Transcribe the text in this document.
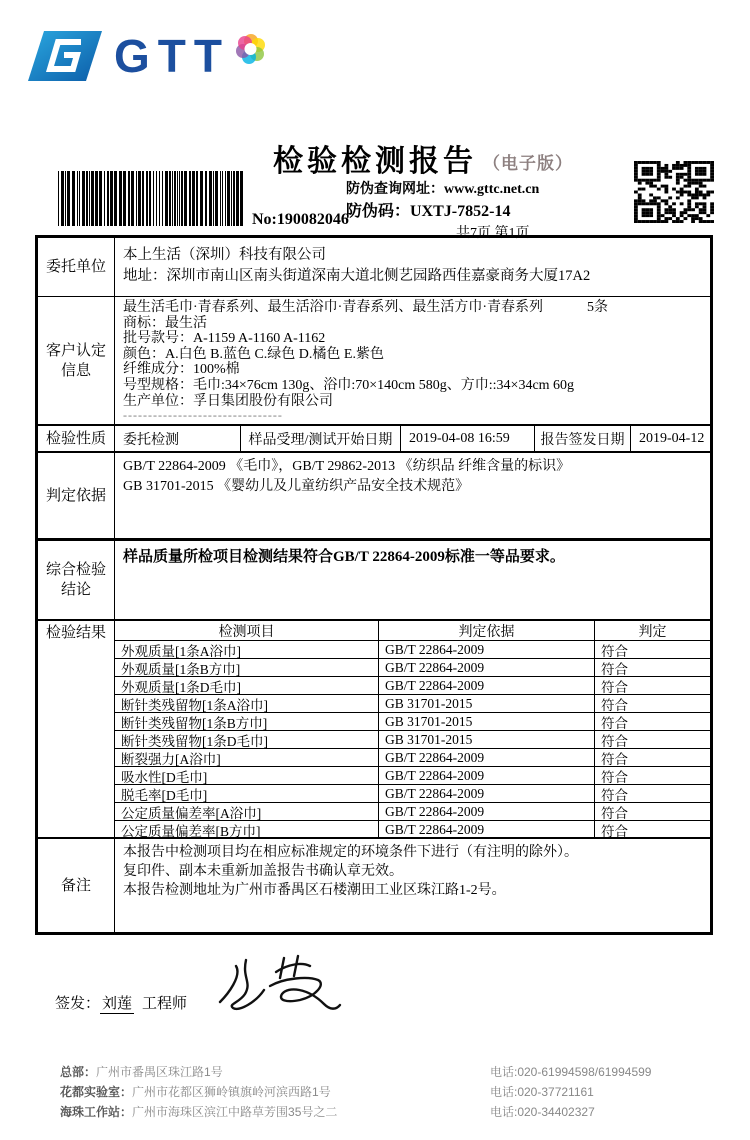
GTT
检验检测报告 （电子版）
防伪查询网址：www.gttc.net.cn
防伪码：UXTJ-7852-14
共7页 第1页
No:190082046
委托单位
本上生活（深圳）科技有限公司
地址：深圳市南山区南头街道深南大道北侧艺园路西佳嘉豪商务大厦17A2
客户认定信息
最生活毛巾·青春系列、最生活浴巾·青春系列、最生活方巾·青春系列	5条
商标：最生活
批号款号：A-1159 A-1160 A-1162
颜色：A.白色 B.蓝色 C.绿色 D.橘色 E.紫色
纤维成分：100%棉
号型规格：毛巾:34×76cm 130g、浴巾:70×140cm 580g、方巾::34×34cm 60g
生产单位：孚日集团股份有限公司
--------------------------------
检验性质	委托检测	样品受理/测试开始日期	2019-04-08 16:59	报告签发日期	2019-04-12
判定依据
GB/T 22864-2009 《毛巾》，GB/T 29862-2013 《纺织品 纤维含量的标识》
GB 31701-2015 《婴幼儿及儿童纺织产品安全技术规范》
综合检验结论
样品质量所检项目检测结果符合GB/T 22864-2009标准一等品要求。
检验结果	检测项目	判定依据	判定
外观质量[1条A浴巾]	GB/T 22864-2009	符合
外观质量[1条B方巾]	GB/T 22864-2009	符合
外观质量[1条D毛巾]	GB/T 22864-2009	符合
断针类残留物[1条A浴巾]	GB 31701-2015	符合
断针类残留物[1条B方巾]	GB 31701-2015	符合
断针类残留物[1条D毛巾]	GB 31701-2015	符合
断裂强力[A浴巾]	GB/T 22864-2009	符合
吸水性[D毛巾]	GB/T 22864-2009	符合
脱毛率[D毛巾]	GB/T 22864-2009	符合
公定质量偏差率[A浴巾]	GB/T 22864-2009	符合
公定质量偏差率[B方巾]	GB/T 22864-2009	符合
备注
本报告中检测项目均在相应标准规定的环境条件下进行（有注明的除外）。
复印件、副本未重新加盖报告书确认章无效。
本报告检测地址为广州市番禺区石楼潮田工业区珠江路1-2号。
签发： 刘莲 工程师
总部：广州市番禺区珠江路1号	电话:020-61994598/61994599
花都实验室：广州市花都区狮岭镇旗岭河滨西路1号	电话:020-37721161
海珠工作站：广州市海珠区滨江中路草芳围35号之二	电话:020-34402327
